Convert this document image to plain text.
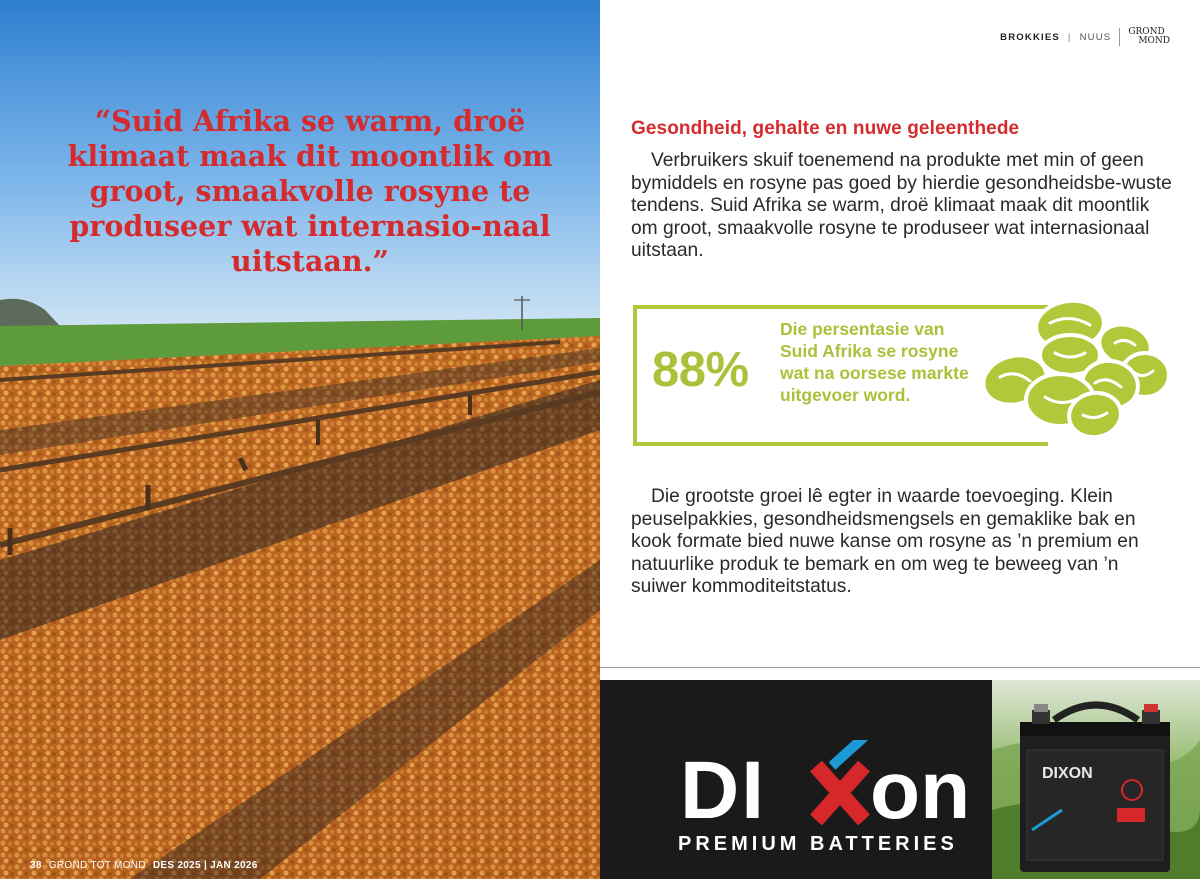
“Suid Afrika se warm, droë klimaat maak dit moontlik om groot, smaakvolle rosyne te produseer wat internasio-naal uitstaan.”

38 GROND TOT MOND DES 2025 | JAN 2026
BROKKIES | NUUS GROND
MOND
Gesondheid, gehalte en nuwe geleenthede

Verbruikers skuif toenemend na produkte met min of geen bymiddels en rosyne pas goed by hierdie gesondheidsbe-wuste tendens. Suid Afrika se warm, droë klimaat maak dit moontlik om groot, smaakvolle rosyne te produseer wat internasionaal uitstaan.

88%

Die persentasie van Suid Afrika se rosyne wat na oorsese markte uitgevoer word.

Die grootste groei lê egter in waarde toevoeging. Klein peuselpakkies, gesondheidsmengsels en gemaklike bak en kook formate bied nuwe kanse om rosyne as ’n premium en natuurlike produk te bemark en om weg te beweeg van ’n suiwer kommoditeitstatus.

DI on

PREMIUM BATTERIES

DIXON
